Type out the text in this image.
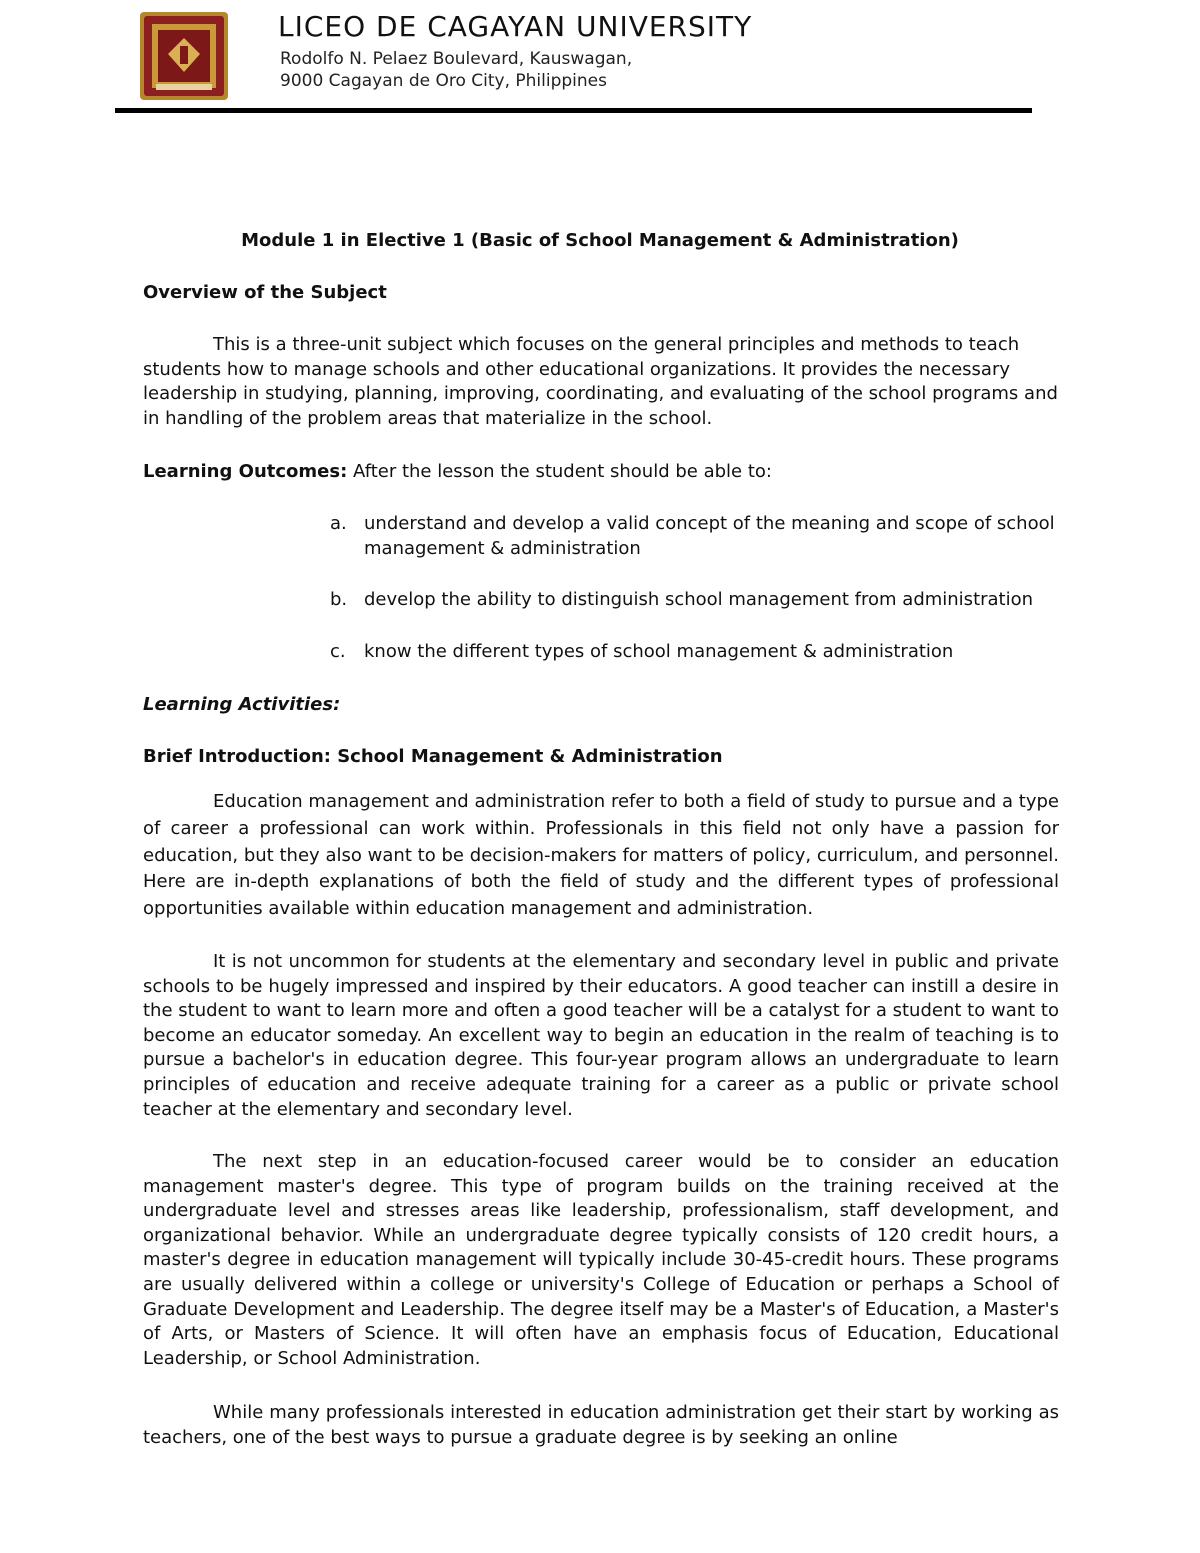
LICEO DE CAGAYAN UNIVERSITY
Rodolfo N. Pelaez Boulevard, Kauswagan,
9000 Cagayan de Oro City, Philippines
Module 1 in Elective 1 (Basic of School Management & Administration)
Overview of the Subject
This is a three-unit subject which focuses on the general principles and methods to teach students how to manage schools and other educational organizations. It provides the necessary leadership in studying, planning, improving, coordinating, and evaluating of the school programs and in handling of the problem areas that materialize in the school.
Learning Outcomes: After the lesson the student should be able to:
a. understand and develop a valid concept of the meaning and scope of school management & administration
b. develop the ability to distinguish school management from administration
c. know the different types of school management & administration
Learning Activities:
Brief Introduction: School Management & Administration
Education management and administration refer to both a field of study to pursue and a type of career a professional can work within. Professionals in this field not only have a passion for education, but they also want to be decision-makers for matters of policy, curriculum, and personnel. Here are in-depth explanations of both the field of study and the different types of professional opportunities available within education management and administration.
It is not uncommon for students at the elementary and secondary level in public and private schools to be hugely impressed and inspired by their educators. A good teacher can instill a desire in the student to want to learn more and often a good teacher will be a catalyst for a student to want to become an educator someday. An excellent way to begin an education in the realm of teaching is to pursue a bachelor's in education degree. This four-year program allows an undergraduate to learn principles of education and receive adequate training for a career as a public or private school teacher at the elementary and secondary level.
The next step in an education-focused career would be to consider an education management master's degree. This type of program builds on the training received at the undergraduate level and stresses areas like leadership, professionalism, staff development, and organizational behavior. While an undergraduate degree typically consists of 120 credit hours, a master's degree in education management will typically include 30-45-credit hours. These programs are usually delivered within a college or university's College of Education or perhaps a School of Graduate Development and Leadership. The degree itself may be a Master's of Education, a Master's of Arts, or Masters of Science. It will often have an emphasis focus of Education, Educational Leadership, or School Administration.
While many professionals interested in education administration get their start by working as teachers, one of the best ways to pursue a graduate degree is by seeking an online
